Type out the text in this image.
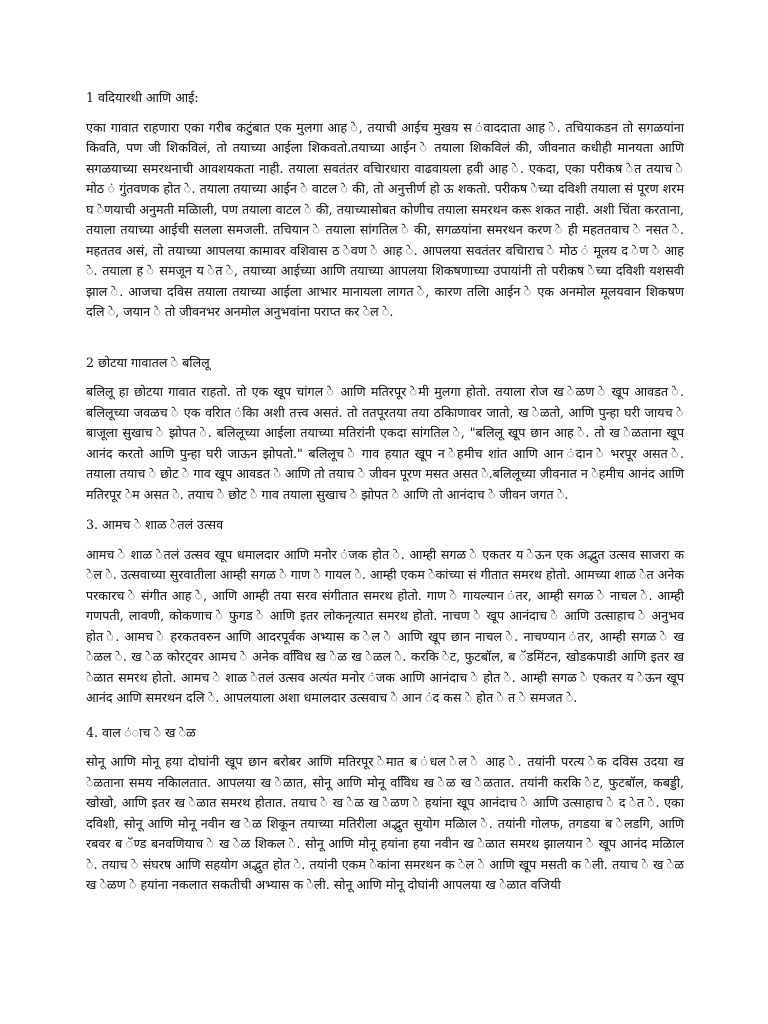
1 वदियारथी आणि आई:

एका गावात राहणारा एका गरीब कटुंबात एक मुलगा आह े, तयाची आईच मुखय स ंवाददाता आह े. तचियाकडन तो सगळयांना किवति, पण जी शिकविलं, तो तयाच्या आईला शिकवतो.तयाच्या आईन े तयाला शिकविलं की, जीवनात कधीही मानयता आणि सगळयाच्या समरथनाची आवशयकता नाही. तयाला सवतंतर वचिारधारा वाढवायला हवी आह े. एकदा, एका परीकष ेत तयाच े मोठ ं गुंतवणक होत े. तयाला तयाच्या आईन े वाटल े की, तो अनुत्तीर्ण हो ऊ शकतो. परीकष ेच्या दविशी तयाला सं पूरण शरम घ ेणयाची अनुमती मळिाली, पण तयाला वाटल े की, तयाच्यासोबत कोणीच तयाला समरथन करू शकत नाही. अशी चिंता करताना, तयाला तयाच्या आईची सलला समजली. तचियान े तयाला सांगतिल े की, सगळयांना समरथन करण े ही महततवाच े नसत े. महततव असं, तो तयाच्या आपलया कामावर वशिवास ठ ेवण े आह े. आपलया सवतंतर वचिाराच े मोठ ं मूलय द ेण े आह े. तयाला ह े समजून य ेत े, तयाच्या आईच्या आणि तयाच्या आपलया शिकषणाच्या उपायांनी तो परीकष ेच्या दविशी यशसवी झाल े. आजचा दविस तयाला तयाच्या आईला आभार मानायला लागत े, कारण तलिा आईन े एक अनमोल मूलयवान शिकषण दलि े, जयान े तो जीवनभर अनमोल अनुभवांना पराप्त कर ेल े.

2 छोटया गावातल े बलिलू

बलिलू हा छोटया गावात राहतो. तो एक खूप चांगल े आणि मतिरपूर ेमी मुलगा होतो. तयाला रोज ख ेळण े खूप आवडत े. बलिलूच्या जवळच े एक वरिात ंकिा अशी तत्त्व असतं. तो ततपूरतया तया ठकिाणावर जातो, ख ेळतो, आणि पुन्हा घरी जायच े बाजूला सुखाच े झोपत े. बलिलूच्या आईला तयाच्या मतिरांनी एकदा सांगतिल े, "बलिलू खूप छान आह े. तो ख ेळताना खूप आनंद करतो आणि पुन्हा घरी जाऊन झोपतो." बलिलूच े गाव हयात खूप न ेहमीच शांत आणि आन ंदान े भरपूर असत े. तयाला तयाच े छोट े गाव खूप आवडत े आणि तो तयाच े जीवन पूरण मसत असत े.बलिलूच्या जीवनात न ेहमीच आनंद आणि मतिरपूर ेम असत े. तयाच े छोट े गाव तयाला सुखाच े झोपत े आणि तो आनंदाच े जीवन जगत े.

3. आमच े शाळ ेतलं उत्सव

आमच े शाळ ेतलं उत्सव खूप धमालदार आणि मनोर ंजक होत े. आम्ही सगळ े एकतर य ेऊन एक अद्भुत उत्सव साजरा क ेल े. उत्सवाच्या सुरवातीला आम्ही सगळ े गाण े गायल े. आम्ही एकम ेकांच्या सं गीतात समरथ होतो. आमच्या शाळ ेत अनेक परकारच े संगीत आह े, आणि आम्ही तया सरव संगीतात समरथ होतो. गाण े गायल्यान ंतर, आम्ही सगळ े नाचल े. आम्ही गणपती, लावणी, कोकणाच े फुगड े आणि इतर लोकनृत्यात समरथ होतो. नाचण े खूप आनंदाच े आणि उत्साहाच े अनुभव होत े. आमच े हरकतवरुन आणि आदरपूर्वक अभ्यास क ेल े आणि खूप छान नाचल े. नाचण्यान ंतर, आम्ही सगळ े ख ेळल े. ख ेळ कोरट्वर आमच े अनेक ववििध ख ेळ ख ेळल े. करकि ेट, फुटबॉल, ब ॅडमिंटन, खोडकपाडी आणि इतर ख ेळात समरथ होतो. आमच े शाळ ेतलं उत्सव अत्यंत मनोर ंजक आणि आनंदाच े होत े. आम्ही सगळ े एकतर य ेऊन खूप आनंद आणि समरथन दलि े. आपलयाला अशा धमालदार उत्सवाच े आन ंद कस े होत े त े समजत े.

4. वाल ंाच े ख ेळ

सोनू आणि मोनू हया दोघांनी खूप छान बरोबर आणि मतिरपूर ेमात ब ंधल ेल े आह े. तयांनी परत्य ेक दविस उदया ख ेळताना समय नकिालतात. आपलया ख ेळात, सोनू आणि मोनू ववििध ख ेळ ख ेळतात. तयांनी करकि ेट, फुटबॉल, कबड्डी, खोखो, आणि इतर ख ेळात समरथ होतात. तयाच े ख ेळ ख ेळण े हयांना खूप आनंदाच े आणि उत्साहाच े द ेत े. एका दविशी, सोनू आणि मोनू नवीन ख ेळ शिकून तयाच्या मतिरीला अद्भुत सुयोग मळिाल े. तयांनी गोलफ, तगडया ब ेलडगि, आणि रबवर ब ॅण्ड बनवणियाच े ख ेळ शिकल े. सोनू आणि मोनू हयांना हया नवीन ख ेळात समरथ झालयान े खूप आनंद मळिाल े. तयाच े संघरष आणि सहयोग अद्भुत होत े. तयांनी एकम ेकांना समरथन क ेल े आणि खूप मसती क ेली. तयाच े ख ेळ ख ेळण े हयांना नकलात सकतीची अभ्यास क ेली. सोनू आणि मोनू दोघांनी आपलया ख ेळात वजियी
